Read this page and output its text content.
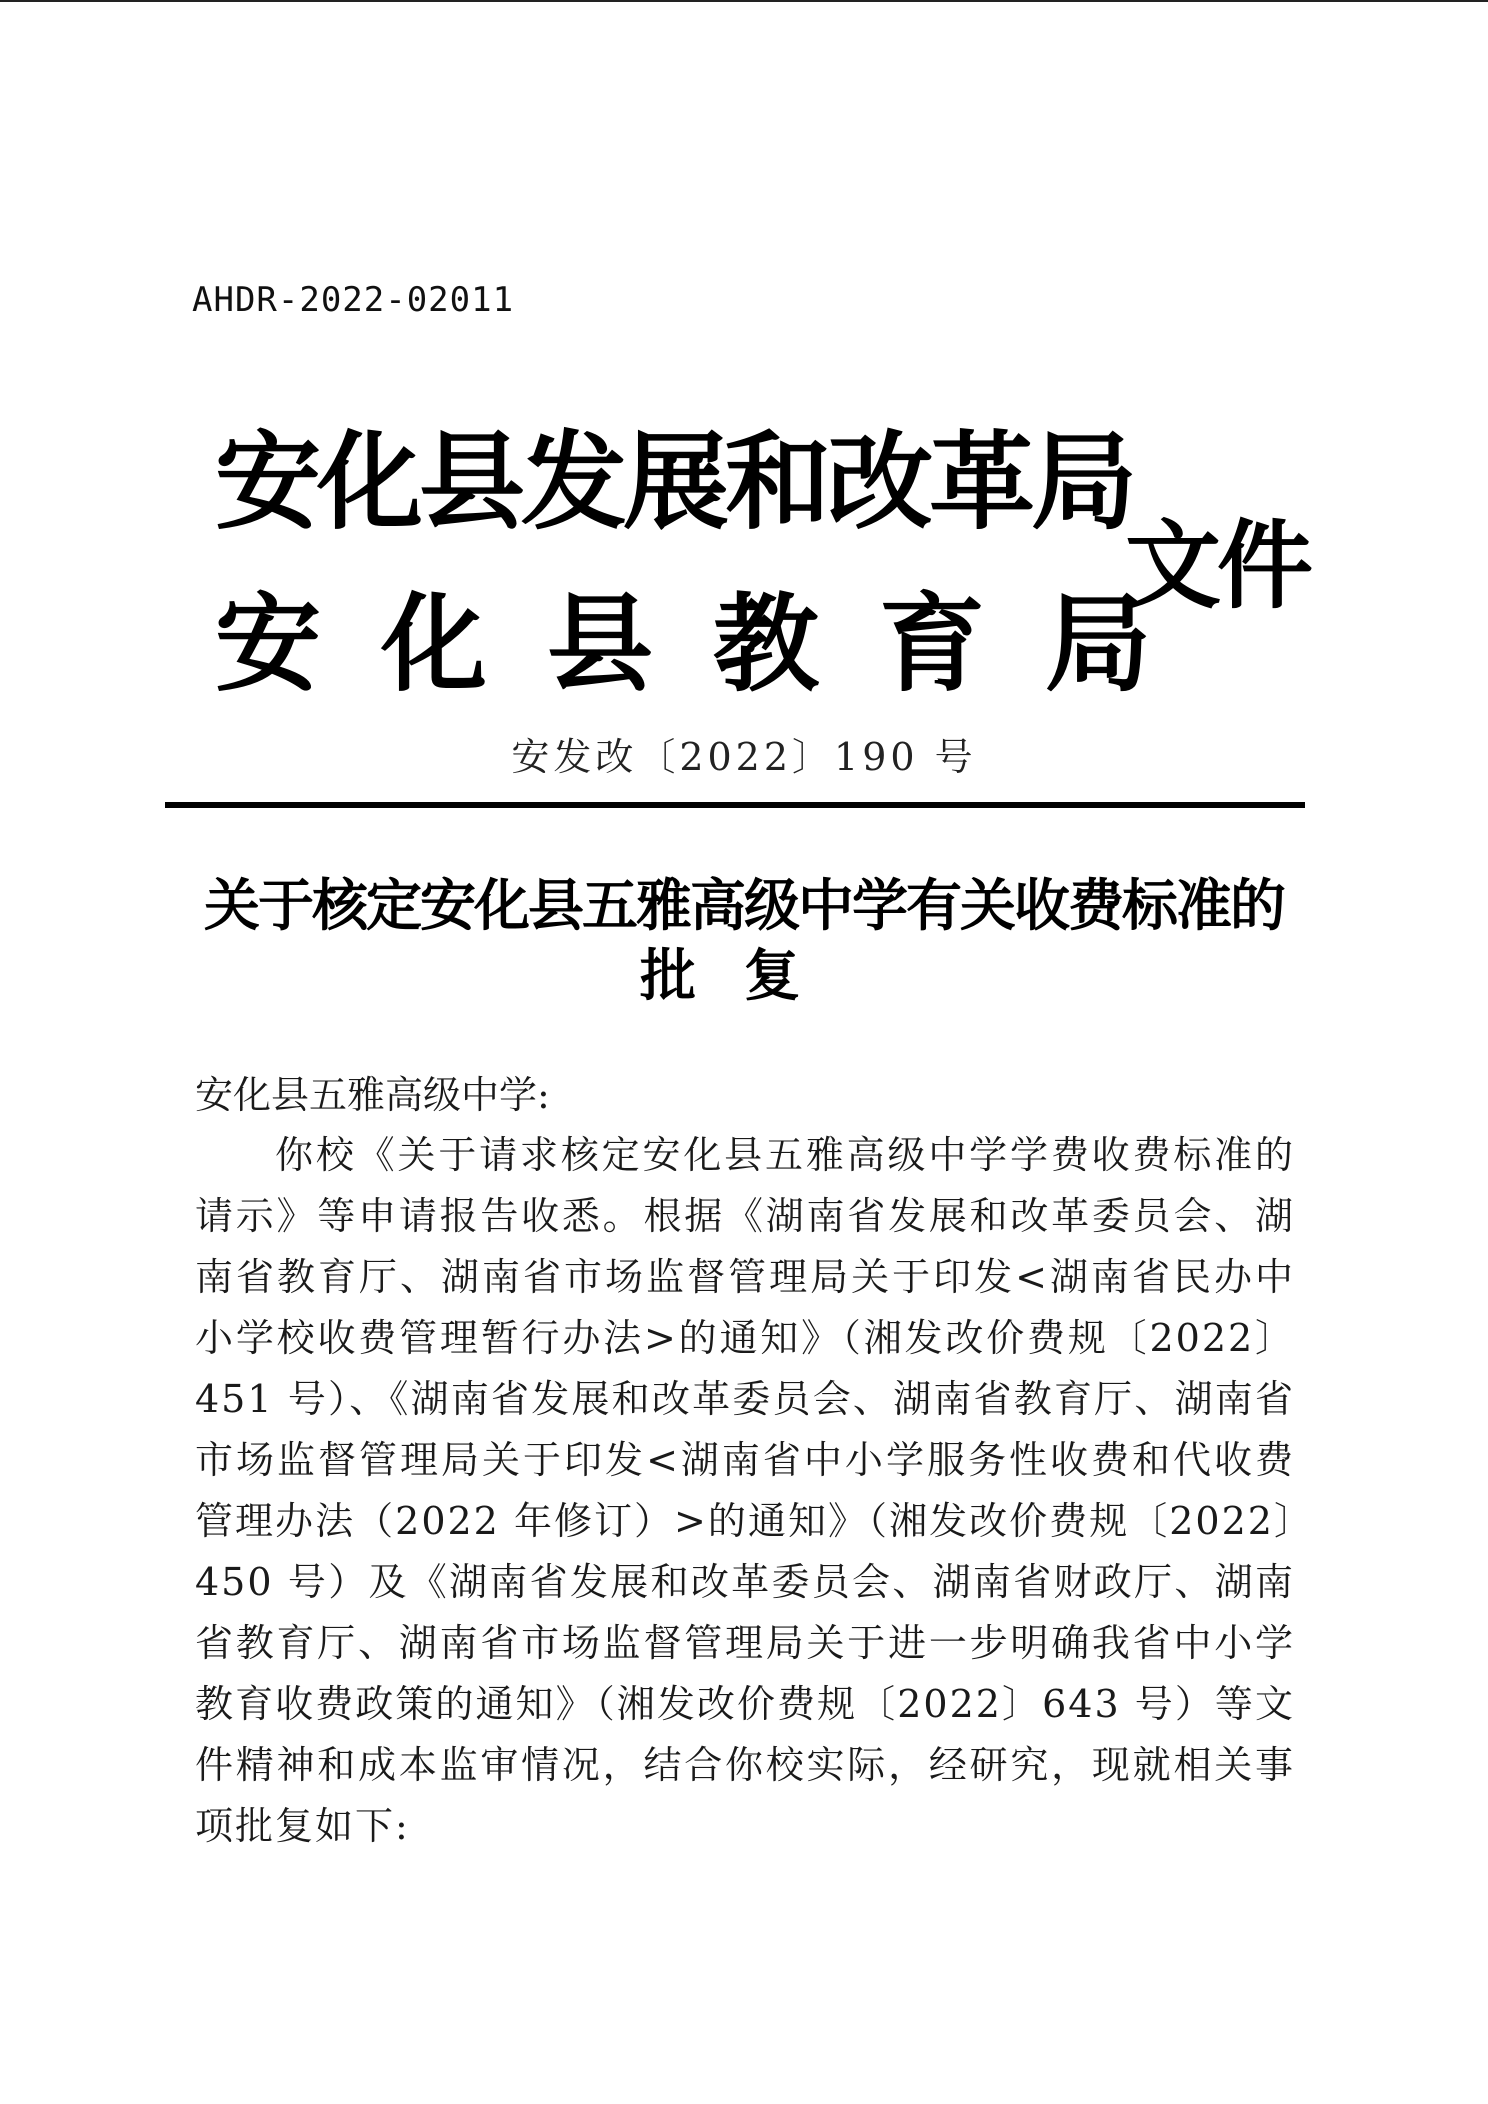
AHDR-2022-02011
安化县发展和改革局
安化县教育局
文件
安发改〔2022〕190 号
关于核定安化县五雅高级中学有关收费标准的
批复
安化县五雅高级中学:
你校《关于请求核定安化县五雅高级中学学费收费标准的请示》等申请报告收悉。根据《湖南省发展和改革委员会、湖南省教育厅、湖南省市场监督管理局关于印发<湖南省民办中小学校收费管理暂行办法>的通知》（湘发改价费规〔2022〕451 号）、《湖南省发展和改革委员会、湖南省教育厅、湖南省市场监督管理局关于印发<湖南省中小学服务性收费和代收费管理办法（2022 年修订）>的通知》（湘发改价费规〔2022〕450 号）及《湖南省发展和改革委员会、湖南省财政厅、湖南省教育厅、湖南省市场监督管理局关于进一步明确我省中小学教育收费政策的通知》（湘发改价费规〔2022〕643 号）等文件精神和成本监审情况，结合你校实际，经研究，现就相关事项批复如下:
